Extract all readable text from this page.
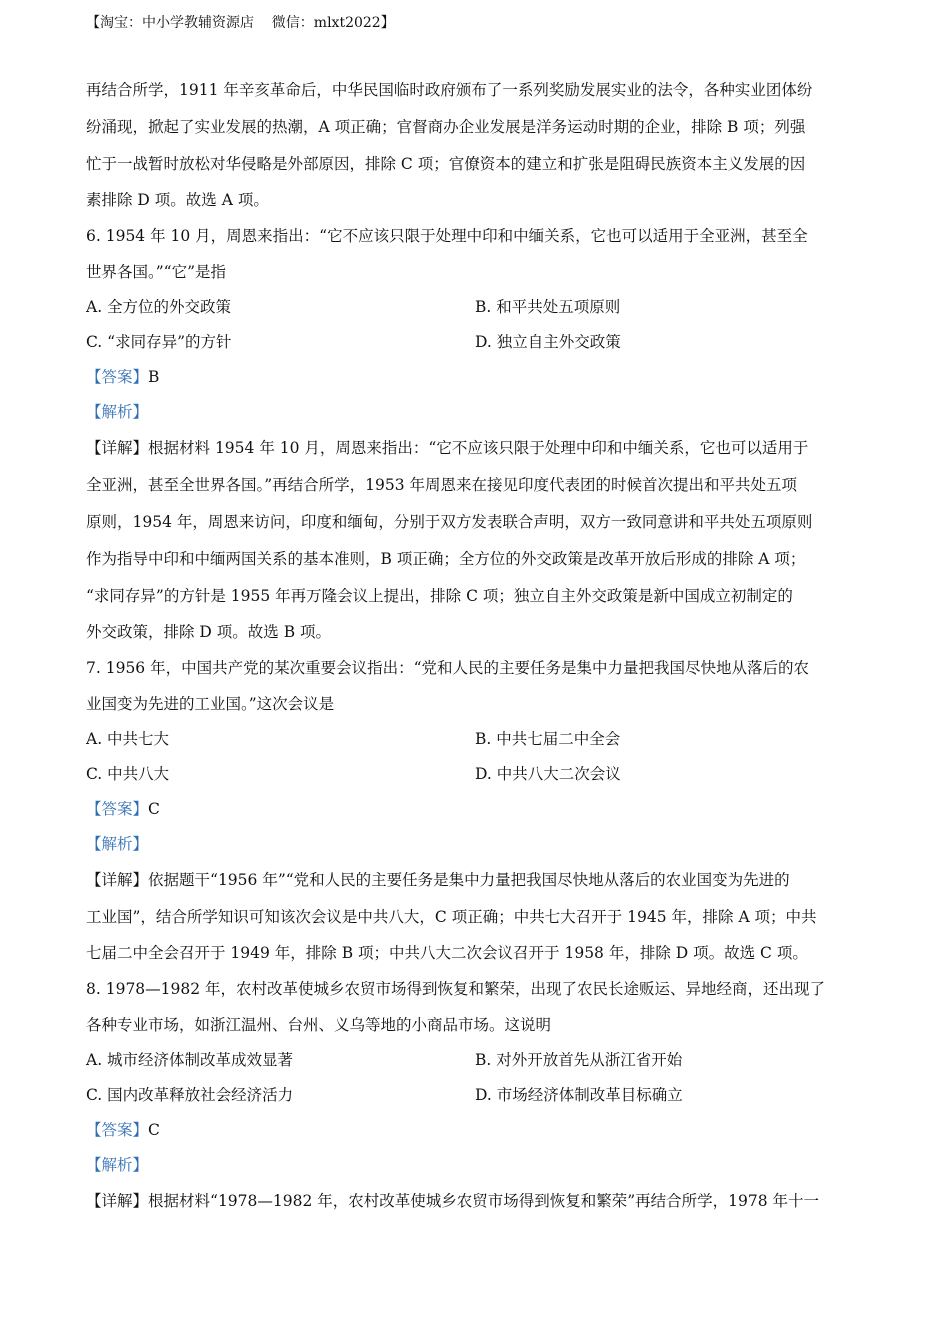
【淘宝：中小学教辅资源店    微信：mlxt2022】
再结合所学，1911 年辛亥革命后，中华民国临时政府颁布了一系列奖励发展实业的法令，各种实业团体纷
纷涌现，掀起了实业发展的热潮，A 项正确；官督商办企业发展是洋务运动时期的企业，排除 B 项；列强
忙于一战暂时放松对华侵略是外部原因，排除 C 项；官僚资本的建立和扩张是阻碍民族资本主义发展的因
素排除 D 项。故选 A 项。
6. 1954 年 10 月，周恩来指出：“它不应该只限于处理中印和中缅关系，它也可以适用于全亚洲，甚至全
世界各国。”“它”是指
A. 全方位的外交政策	B. 和平共处五项原则
C. “求同存异”的方针	D. 独立自主外交政策
【答案】B
【解析】
【详解】根据材料 1954 年 10 月，周恩来指出：“它不应该只限于处理中印和中缅关系，它也可以适用于
全亚洲，甚至全世界各国。”再结合所学，1953 年周恩来在接见印度代表团的时候首次提出和平共处五项
原则，1954 年，周恩来访问，印度和缅甸，分别于双方发表联合声明，双方一致同意讲和平共处五项原则
作为指导中印和中缅两国关系的基本准则，B 项正确；全方位的外交政策是改革开放后形成的排除 A 项；
“求同存异”的方针是 1955 年再万隆会议上提出，排除 C 项；独立自主外交政策是新中国成立初制定的
外交政策，排除 D 项。故选 B 项。
7. 1956 年，中国共产党的某次重要会议指出：“党和人民的主要任务是集中力量把我国尽快地从落后的农
业国变为先进的工业国。”这次会议是
A. 中共七大	B. 中共七届二中全会
C. 中共八大	D. 中共八大二次会议
【答案】C
【解析】
【详解】依据题干“1956 年”“党和人民的主要任务是集中力量把我国尽快地从落后的农业国变为先进的
工业国”，结合所学知识可知该次会议是中共八大，C 项正确；中共七大召开于 1945 年，排除 A 项；中共
七届二中全会召开于 1949 年，排除 B 项；中共八大二次会议召开于 1958 年，排除 D 项。故选 C 项。
8. 1978—1982 年，农村改革使城乡农贸市场得到恢复和繁荣，出现了农民长途贩运、异地经商，还出现了
各种专业市场，如浙江温州、台州、义乌等地的小商品市场。这说明
A. 城市经济体制改革成效显著	B. 对外开放首先从浙江省开始
C. 国内改革释放社会经济活力	D. 市场经济体制改革目标确立
【答案】C
【解析】
【详解】根据材料“1978—1982 年，农村改革使城乡农贸市场得到恢复和繁荣”再结合所学，1978 年十一
